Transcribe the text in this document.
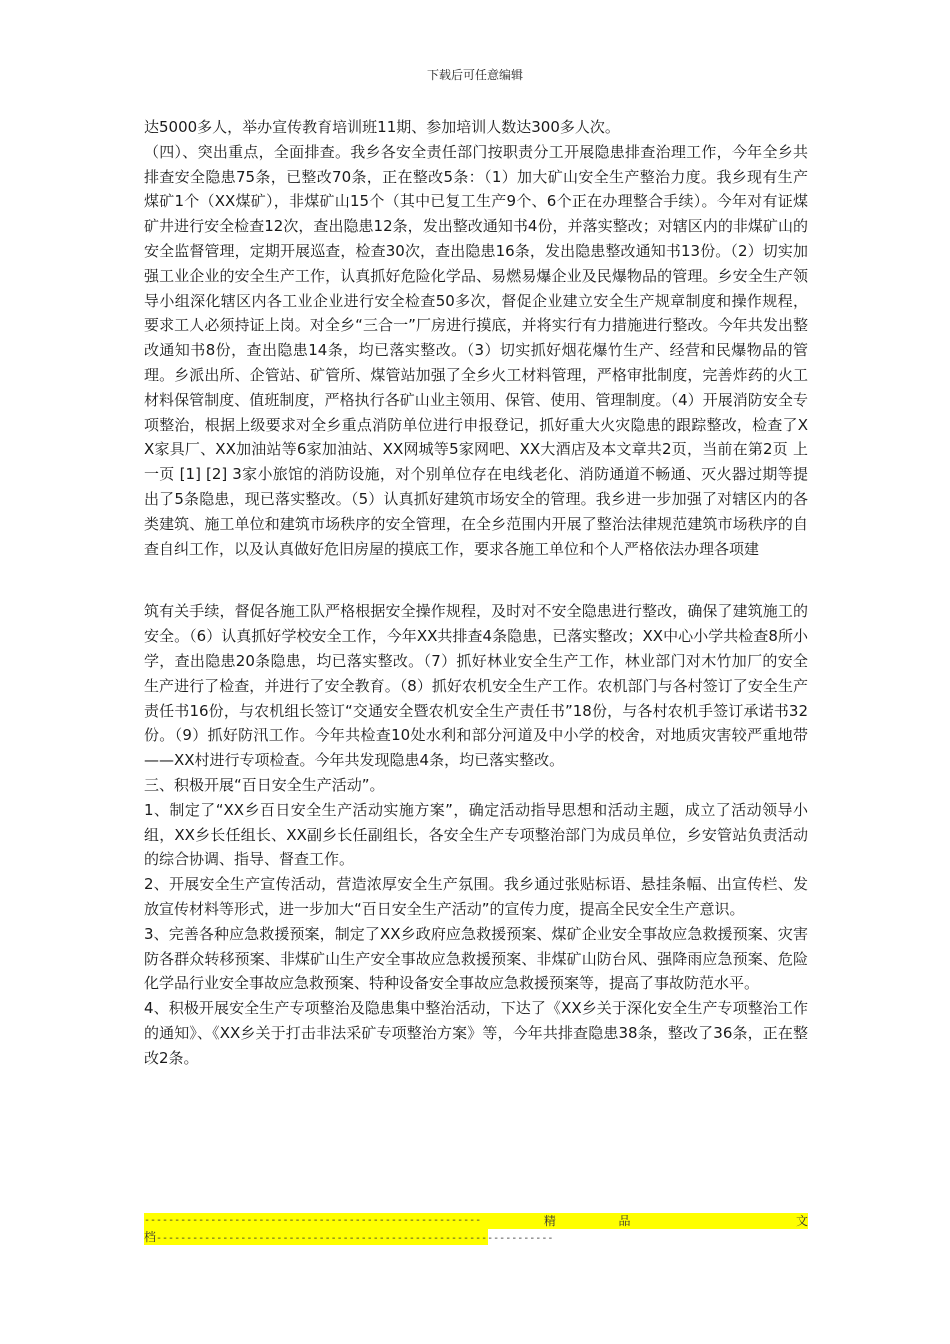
下载后可任意编辑

达5000多人，举办宣传教育培训班11期、参加培训人数达300多人次。

（四）、突出重点，全面排查。我乡各安全责任部门按职责分工开展隐患排查治理工作，今年全乡共排查安全隐患75条，已整改70条，正在整改5条：（1）加大矿山安全生产整治力度。我乡现有生产煤矿1个（XX煤矿），非煤矿山15个（其中已复工生产9个、6个正在办理整合手续）。今年对有证煤矿井进行安全检查12次，查出隐患12条，发出整改通知书4份，并落实整改；对辖区内的非煤矿山的安全监督管理，定期开展巡查，检查30次，查出隐患16条，发出隐患整改通知书13份。（2）切实加强工业企业的安全生产工作，认真抓好危险化学品、易燃易爆企业及民爆物品的管理。乡安全生产领导小组深化辖区内各工业企业进行安全检查50多次，督促企业建立安全生产规章制度和操作规程，要求工人必须持证上岗。对全乡“三合一”厂房进行摸底，并将实行有力措施进行整改。今年共发出整改通知书8份，查出隐患14条，均已落实整改。（3）切实抓好烟花爆竹生产、经营和民爆物品的管理。乡派出所、企管站、矿管所、煤管站加强了全乡火工材料管理，严格审批制度，完善炸药的火工材料保管制度、值班制度，严格执行各矿山业主领用、保管、使用、管理制度。（4）开展消防安全专项整治，根据上级要求对全乡重点消防单位进行申报登记，抓好重大火灾隐患的跟踪整改，检查了XX家具厂、XX加油站等6家加油站、XX网城等5家网吧、XX大酒店及本文章共2页，当前在第2页 上一页 [1] [2] 3家小旅馆的消防设施，对个别单位存在电线老化、消防通道不畅通、灭火器过期等提出了5条隐患，现已落实整改。（5）认真抓好建筑市场安全的管理。我乡进一步加强了对辖区内的各类建筑、施工单位和建筑市场秩序的安全管理，在全乡范围内开展了整治法律规范建筑市场秩序的自查自纠工作，以及认真做好危旧房屋的摸底工作，要求各施工单位和个人严格依法办理各项建

筑有关手续，督促各施工队严格根据安全操作规程，及时对不安全隐患进行整改，确保了建筑施工的安全。（6）认真抓好学校安全工作，今年XX共排查4条隐患，已落实整改；XX中心小学共检查8所小学，查出隐患20条隐患，均已落实整改。（7）抓好林业安全生产工作，林业部门对木竹加厂的安全生产进行了检查，并进行了安全教育。（8）抓好农机安全生产工作。农机部门与各村签订了安全生产责任书16份，与农机组长签订“交通安全暨农机安全生产责任书”18份，与各村农机手签订承诺书32份。（9）抓好防汛工作。今年共检查10处水利和部分河道及中小学的校舍，对地质灾害较严重地带——XX村进行专项检查。今年共发现隐患4条，均已落实整改。

三、积极开展“百日安全生产活动”。

1、制定了“XX乡百日安全生产活动实施方案”，确定活动指导思想和活动主题，成立了活动领导小组，XX乡长任组长、XX副乡长任副组长，各安全生产专项整治部门为成员单位，乡安管站负责活动的综合协调、指导、督查工作。

2、开展安全生产宣传活动，营造浓厚安全生产氛围。我乡通过张贴标语、悬挂条幅、出宣传栏、发放宣传材料等形式，进一步加大“百日安全生产活动”的宣传力度，提高全民安全生产意识。

3、完善各种应急救援预案，制定了XX乡政府应急救援预案、煤矿企业安全事故应急救援预案、灾害防各群众转移预案、非煤矿山生产安全事故应急救援预案、非煤矿山防台风、强降雨应急预案、危险化学品行业安全事故应急救预案、特种设备安全事故应急救援预案等，提高了事故防范水平。

4、积极开展安全生产专项整治及隐患集中整治活动，下达了《XX乡关于深化安全生产专项整治工作的通知》、《XX乡关于打击非法采矿专项整治方案》等，今年共排查隐患38条，整改了36条，正在整改2条。

--------------------------------------------------------	精	品	文
档------------------------------------------------------------------
